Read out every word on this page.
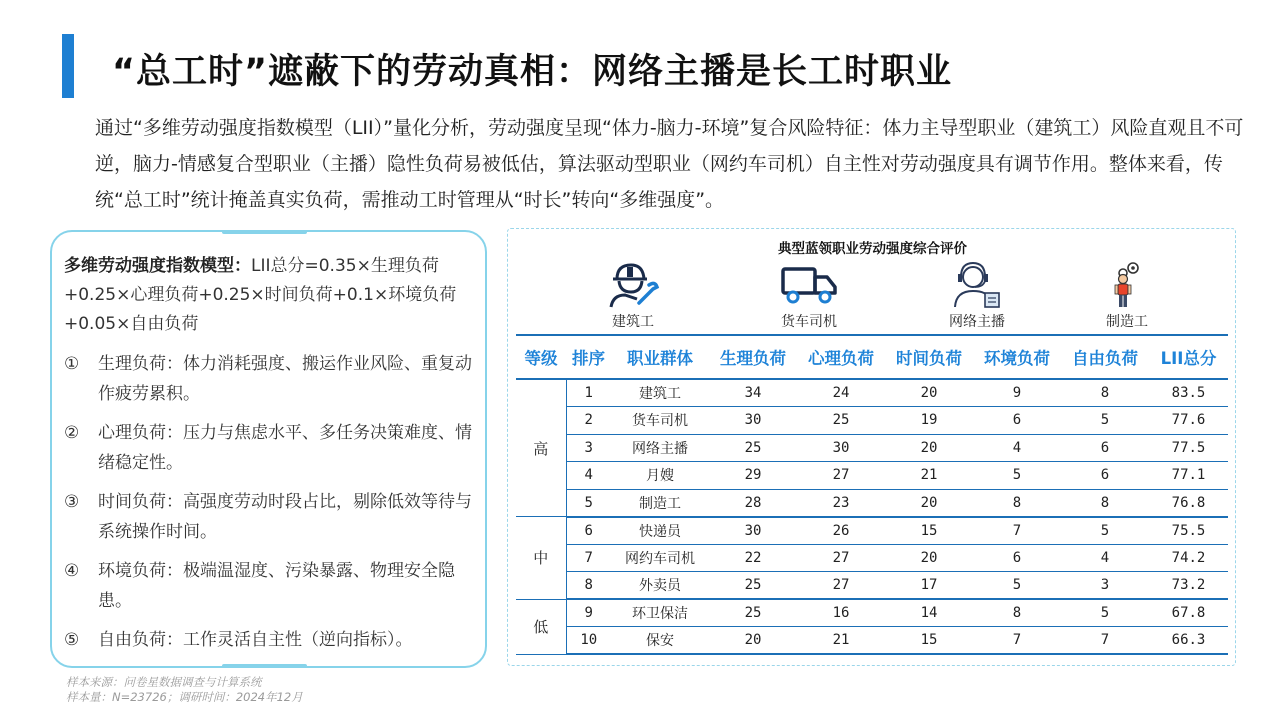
“总工时”遮蔽下的劳动真相：网络主播是长工时职业

通过“多维劳动强度指数模型（LII）”量化分析，劳动强度呈现“体力-脑力-环境”复合风险特征：体力主导型职业（建筑工）风险直观且不可逆，脑力-情感复合型职业（主播）隐性负荷易被低估，算法驱动型职业（网约车司机）自主性对劳动强度具有调节作用。整体来看，传统“总工时”统计掩盖真实负荷，需推动工时管理从“时长”转向“多维强度”。

多维劳动强度指数模型：LII总分=0.35×生理负荷+0.25×心理负荷+0.25×时间负荷+0.1×环境负荷+0.05×自由负荷
①	生理负荷：体力消耗强度、搬运作业风险、重复动作疲劳累积。
②	心理负荷：压力与焦虑水平、多任务决策难度、情绪稳定性。
③	时间负荷：高强度劳动时段占比，剔除低效等待与系统操作时间。
④	环境负荷：极端温湿度、污染暴露、物理安全隐患。
⑤	自由负荷：工作灵活自主性（逆向指标）。
样本来源：问卷星数据调查与计算系统
样本量：N=23726；调研时间：2024年12月
典型蓝领职业劳动强度综合评价
建筑工	货车司机	网络主播	制造工
等级	排序	职业群体	生理负荷	心理负荷	时间负荷	环境负荷	自由负荷	LII总分
高	1	建筑工	34	24	20	9	8	83.5
	2	货车司机	30	25	19	6	5	77.6
	3	网络主播	25	30	20	4	6	77.5
	4	月嫂	29	27	21	5	6	77.1
	5	制造工	28	23	20	8	8	76.8
中	6	快递员	30	26	15	7	5	75.5
	7	网约车司机	22	27	20	6	4	74.2
	8	外卖员	25	27	17	5	3	73.2
低	9	环卫保洁	25	16	14	8	5	67.8
	10	保安	20	21	15	7	7	66.3
